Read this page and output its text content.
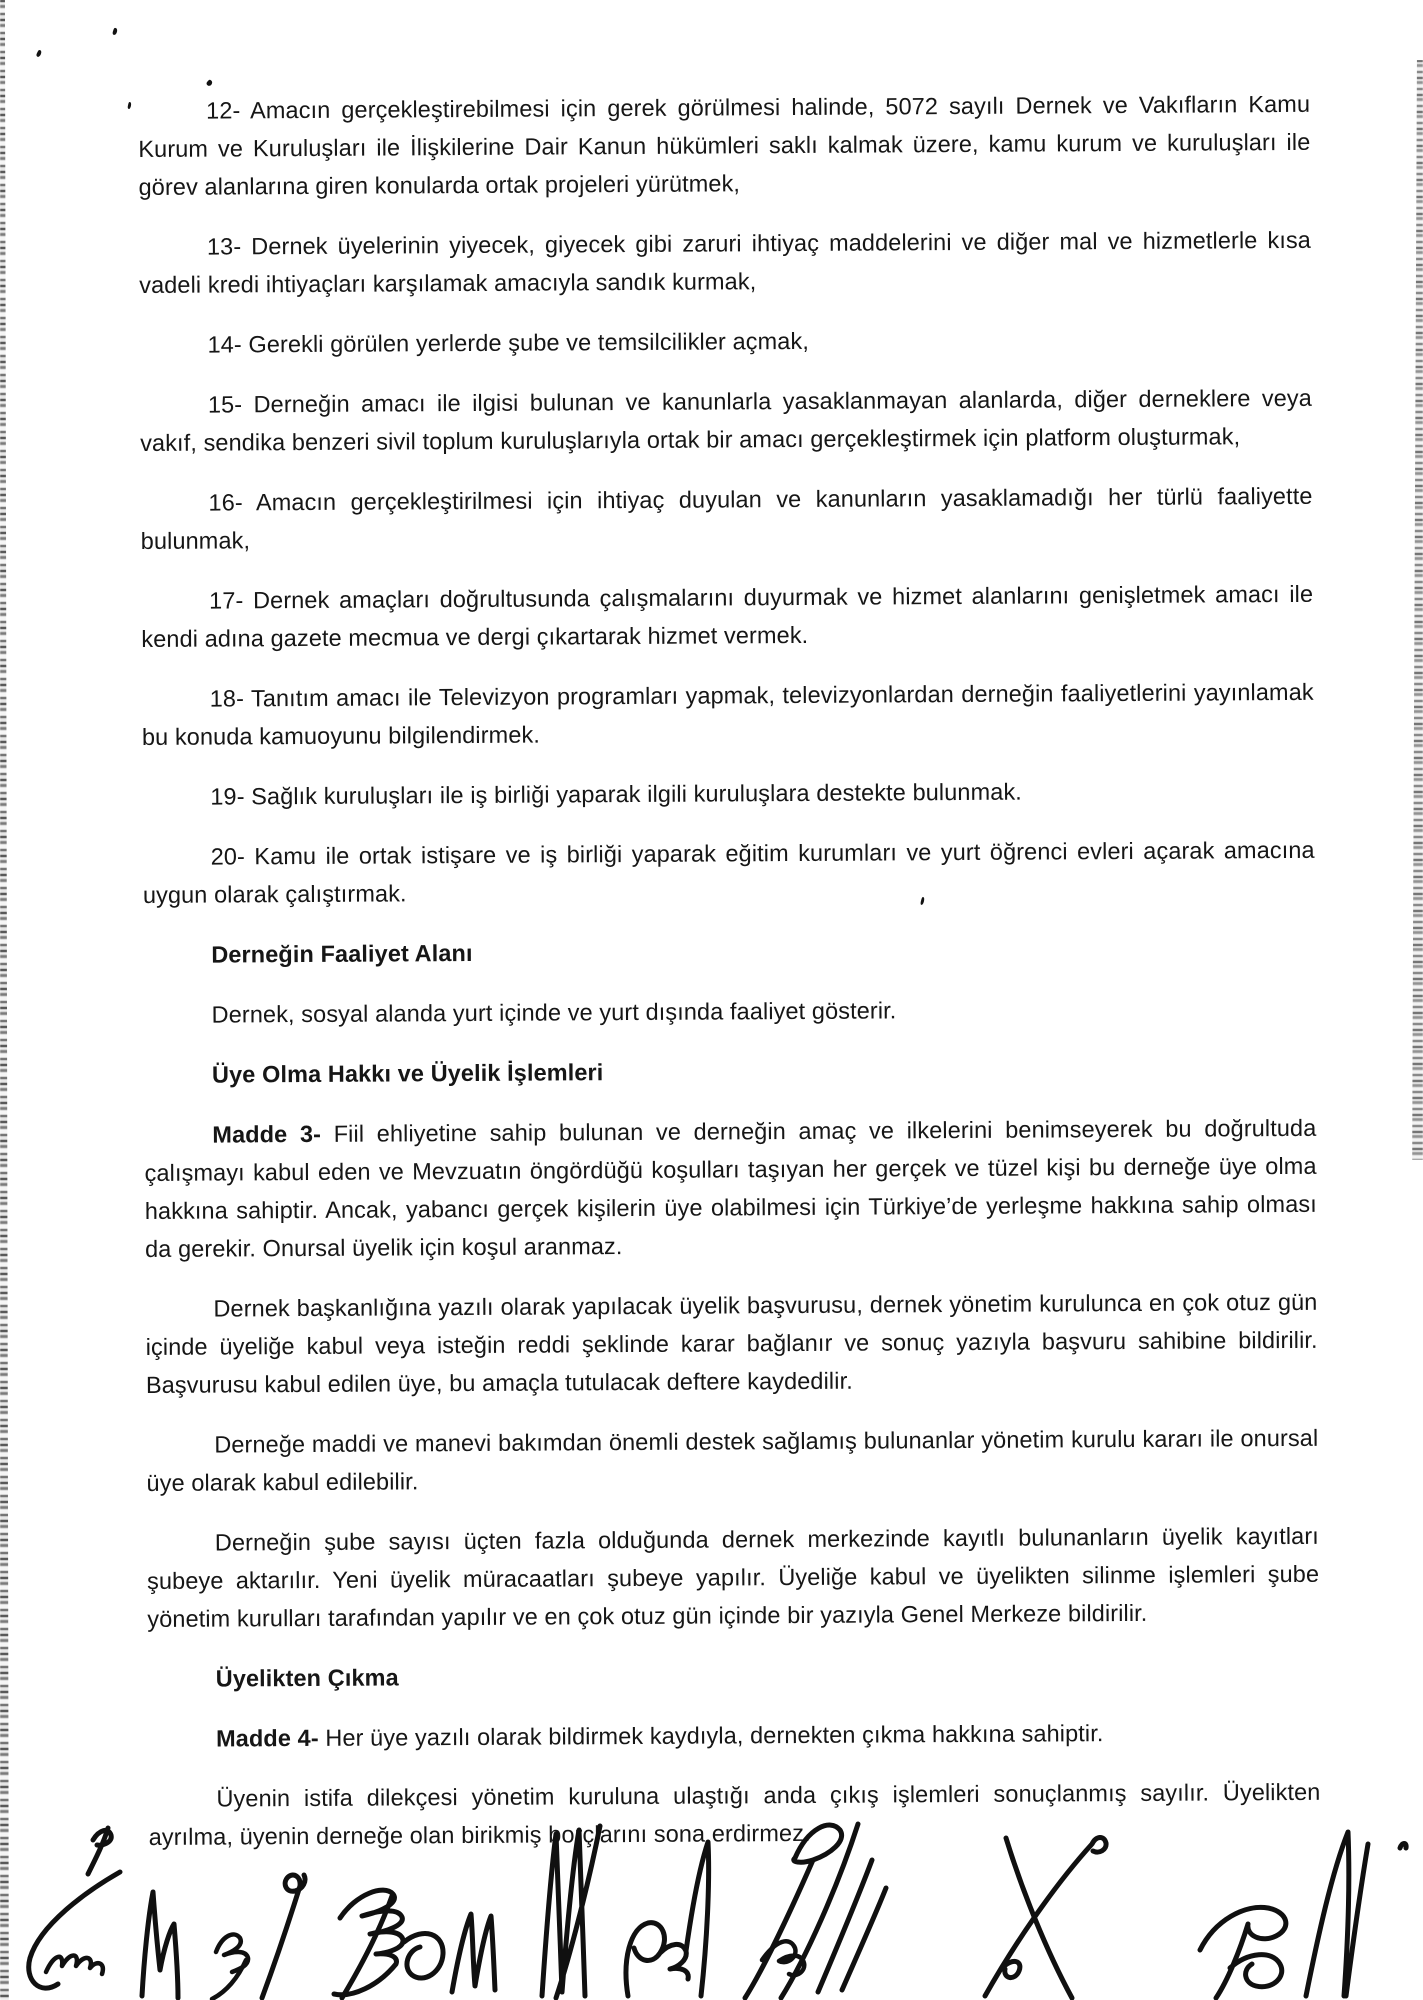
12- Amacın gerçekleştirebilmesi için gerek görülmesi halinde, 5072 sayılı Dernek ve Vakıfların Kamu Kurum ve Kuruluşları ile İlişkilerine Dair Kanun hükümleri saklı kalmak üzere, kamu kurum ve kuruluşları ile görev alanlarına giren konularda ortak projeleri yürütmek,

13- Dernek üyelerinin yiyecek, giyecek gibi zaruri ihtiyaç maddelerini ve diğer mal ve hizmetlerle kısa vadeli kredi ihtiyaçları karşılamak amacıyla sandık kurmak,

14- Gerekli görülen yerlerde şube ve temsilcilikler açmak,

15- Derneğin amacı ile ilgisi bulunan ve kanunlarla yasaklanmayan alanlarda, diğer derneklere veya vakıf, sendika benzeri sivil toplum kuruluşlarıyla ortak bir amacı gerçekleştirmek için platform oluşturmak,

16- Amacın gerçekleştirilmesi için ihtiyaç duyulan ve kanunların yasaklamadığı her türlü faaliyette bulunmak,

17- Dernek amaçları doğrultusunda çalışmalarını duyurmak ve hizmet alanlarını genişletmek amacı ile kendi adına gazete mecmua ve dergi çıkartarak hizmet vermek.

18- Tanıtım amacı ile Televizyon programları yapmak, televizyonlardan derneğin faaliyetlerini yayınlamak bu konuda kamuoyunu bilgilendirmek.

19- Sağlık kuruluşları ile iş birliği yaparak ilgili kuruluşlara destekte bulunmak.

20- Kamu ile ortak istişare ve iş birliği yaparak eğitim kurumları ve yurt öğrenci evleri açarak amacına uygun olarak çalıştırmak.

Derneğin Faaliyet Alanı

Dernek, sosyal alanda yurt içinde ve yurt dışında faaliyet gösterir.

Üye Olma Hakkı ve Üyelik İşlemleri

Madde 3- Fiil ehliyetine sahip bulunan ve derneğin amaç ve ilkelerini benimseyerek bu doğrultuda çalışmayı kabul eden ve Mevzuatın öngördüğü koşulları taşıyan her gerçek ve tüzel kişi bu derneğe üye olma hakkına sahiptir. Ancak, yabancı gerçek kişilerin üye olabilmesi için Türkiye’de yerleşme hakkına sahip olması da gerekir. Onursal üyelik için koşul aranmaz.

Dernek başkanlığına yazılı olarak yapılacak üyelik başvurusu, dernek yönetim kurulunca en çok otuz gün içinde üyeliğe kabul veya isteğin reddi şeklinde karar bağlanır ve sonuç yazıyla başvuru sahibine bildirilir. Başvurusu kabul edilen üye, bu amaçla tutulacak deftere kaydedilir.

Derneğe maddi ve manevi bakımdan önemli destek sağlamış bulunanlar yönetim kurulu kararı ile onursal üye olarak kabul edilebilir.

Derneğin şube sayısı üçten fazla olduğunda dernek merkezinde kayıtlı bulunanların üyelik kayıtları şubeye aktarılır. Yeni üyelik müracaatları şubeye yapılır. Üyeliğe kabul ve üyelikten silinme işlemleri şube yönetim kurulları tarafından yapılır ve en çok otuz gün içinde bir yazıyla Genel Merkeze bildirilir.

Üyelikten Çıkma

Madde 4- Her üye yazılı olarak bildirmek kaydıyla, dernekten çıkma hakkına sahiptir.

Üyenin istifa dilekçesi yönetim kuruluna ulaştığı anda çıkış işlemleri sonuçlanmış sayılır. Üyelikten ayrılma, üyenin derneğe olan birikmiş borçlarını sona erdirmez.
